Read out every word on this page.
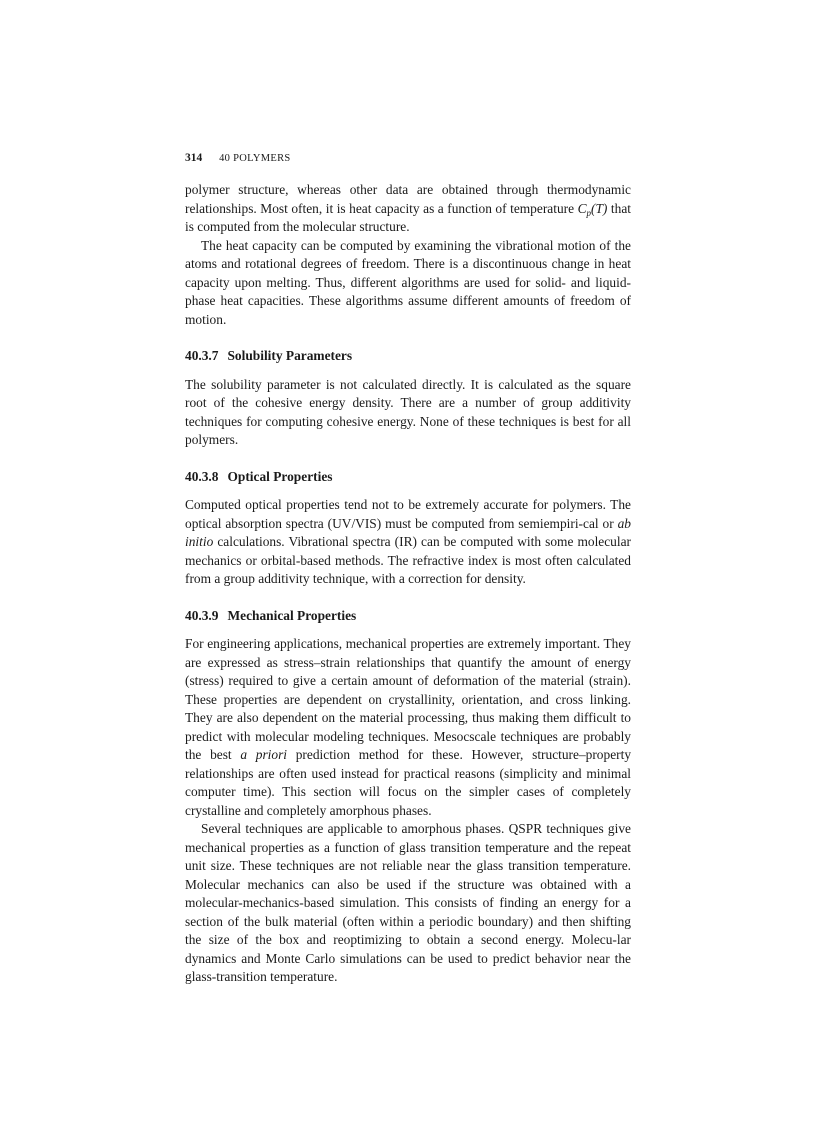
314 40 POLYMERS

polymer structure, whereas other data are obtained through thermodynamic relationships. Most often, it is heat capacity as a function of temperature $C_p(T)$ that is computed from the molecular structure.

The heat capacity can be computed by examining the vibrational motion of the atoms and rotational degrees of freedom. There is a discontinuous change in heat capacity upon melting. Thus, different algorithms are used for solid- and liquid-phase heat capacities. These algorithms assume different amounts of freedom of motion.

40.3.7 Solubility Parameters

The solubility parameter is not calculated directly. It is calculated as the square root of the cohesive energy density. There are a number of group additivity techniques for computing cohesive energy. None of these techniques is best for all polymers.

40.3.8 Optical Properties

Computed optical properties tend not to be extremely accurate for polymers. The optical absorption spectra (UV/VIS) must be computed from semiempiri-cal or ab initio calculations. Vibrational spectra (IR) can be computed with some molecular mechanics or orbital-based methods. The refractive index is most often calculated from a group additivity technique, with a correction for density.

40.3.9 Mechanical Properties

For engineering applications, mechanical properties are extremely important. They are expressed as stress–strain relationships that quantify the amount of energy (stress) required to give a certain amount of deformation of the material (strain). These properties are dependent on crystallinity, orientation, and cross linking. They are also dependent on the material processing, thus making them difficult to predict with molecular modeling techniques. Mesocscale techniques are probably the best a priori prediction method for these. However, structure–property relationships are often used instead for practical reasons (simplicity and minimal computer time). This section will focus on the simpler cases of completely crystalline and completely amorphous phases.

Several techniques are applicable to amorphous phases. QSPR techniques give mechanical properties as a function of glass transition temperature and the repeat unit size. These techniques are not reliable near the glass transition temperature. Molecular mechanics can also be used if the structure was obtained with a molecular-mechanics-based simulation. This consists of finding an energy for a section of the bulk material (often within a periodic boundary) and then shifting the size of the box and reoptimizing to obtain a second energy. Molecu-lar dynamics and Monte Carlo simulations can be used to predict behavior near the glass-transition temperature.
